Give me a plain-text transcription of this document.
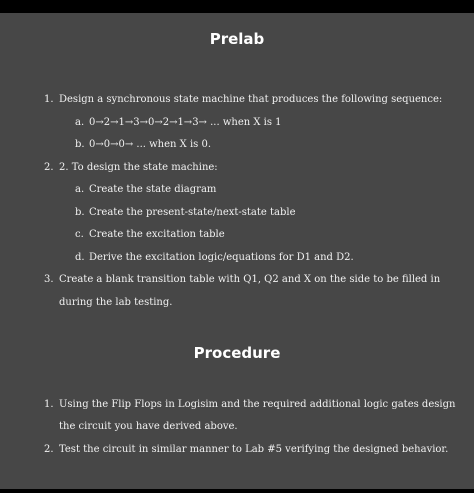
Prelab
1. Design a synchronous state machine that produces the following sequence:
a. 0→2→1→3→0→2→1→3→ ... when X is 1
b. 0→0→0→ ... when X is 0.
2. 2. To design the state machine:
a. Create the state diagram
b. Create the present-state/next-state table
c. Create the excitation table
d. Derive the excitation logic/equations for D1 and D2.
3. Create a blank transition table with Q1, Q2 and X on the side to be filled in
during the lab testing.
Procedure
1. Using the Flip Flops in Logisim and the required additional logic gates design
the circuit you have derived above.
2. Test the circuit in similar manner to Lab #5 verifying the designed behavior.
